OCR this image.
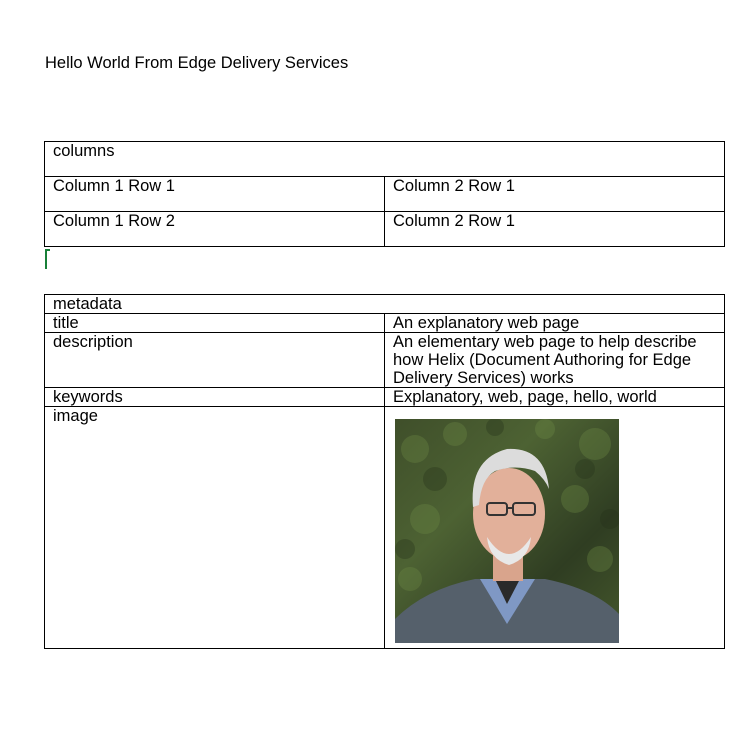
Hello World From Edge Delivery Services
columns	
Column 1 Row 1	Column 2 Row 1
Column 1 Row 2	Column 2 Row 1
metadata	
title	An explanatory web page
description	An elementary web page to help describe how Helix (Document Authoring for Edge Delivery Services) works
keywords	Explanatory, web, page, hello, world
image	
